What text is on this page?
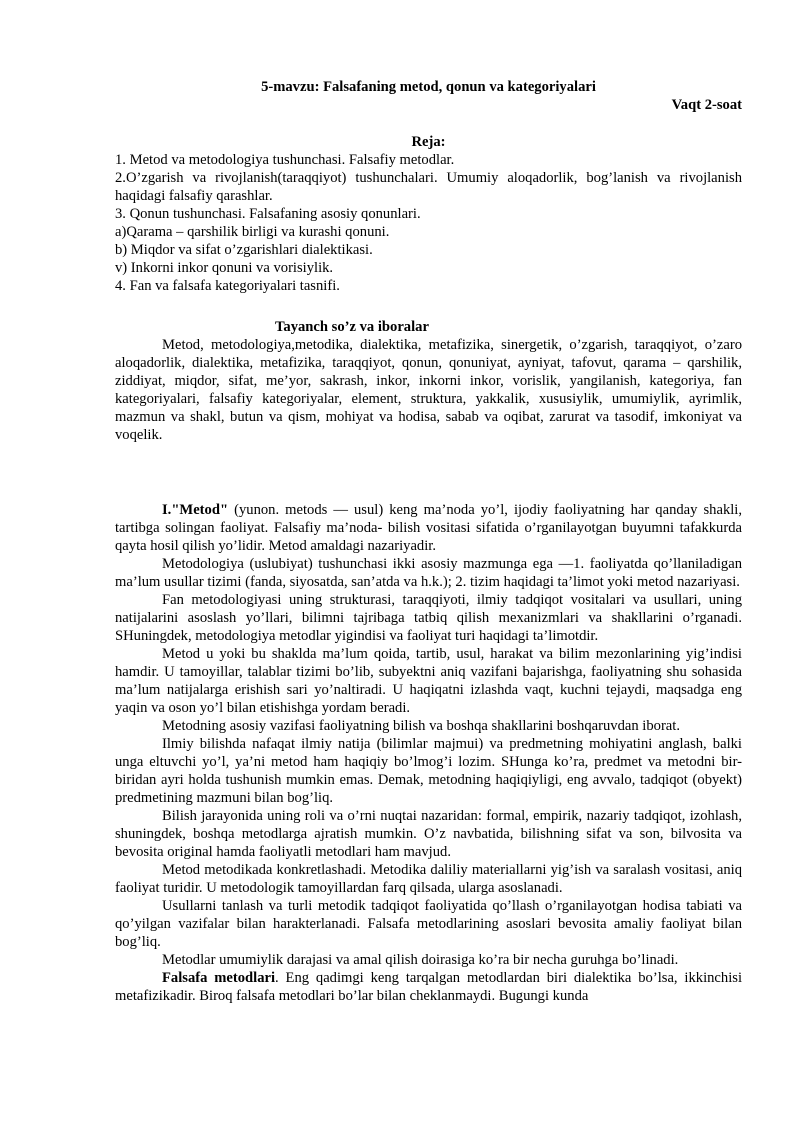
5-mavzu: Falsafaning metod, qonun va kategoriyalari
Vaqt 2-soat
Reja:

1. Metod va metodologiya tushunchasi. Falsafiy metodlar.

2.O’zgarish va rivojlanish(taraqqiyot) tushunchalari. Umumiy aloqadorlik, bog’lanish va rivojlanish haqidagi falsafiy qarashlar.

3. Qonun tushunchasi. Falsafaning asosiy qonunlari.

a)Qarama – qarshilik birligi va kurashi qonuni.

b) Miqdor va sifat o’zgarishlari dialektikasi.

v) Inkorni inkor qonuni va vorisiylik.

4. Fan va falsafa kategoriyalari tasnifi.

Tayanch so’z va iboralar

Metod, metodologiya,metodika, dialektika, metafizika, sinergetik, o’zgarish, taraqqiyot, o’zaro aloqadorlik, dialektika, metafizika, taraqqiyot, qonun, qonuniyat, ayniyat, tafovut, qarama – qarshilik, ziddiyat, miqdor, sifat, me’yor, sakrash, inkor, inkorni inkor, vorislik, yangilanish, kategoriya, fan kategoriyalari, falsafiy kategoriyalar, element, struktura, yakkalik, xususiylik, umumiylik, ayrimlik, mazmun va shakl, butun va qism, mohiyat va hodisa, sabab va oqibat, zarurat va tasodif, imkoniyat va voqelik.

I."Metod" (yunon. metods — usul) keng ma’noda yo’l, ijodiy faoliyatning har qanday shakli, tartibga solingan faoliyat. Falsafiy ma’noda- bilish vositasi sifatida o’rganilayotgan buyumni tafakkurda qayta hosil qilish yo’lidir. Metod amaldagi nazariyadir.

Metodologiya (uslubiyat) tushunchasi ikki asosiy mazmunga ega —1. faoliyatda qo’llaniladigan ma’lum usullar tizimi (fanda, siyosatda, san’atda va h.k.); 2. tizim haqidagi ta’limot yoki metod nazariyasi.

Fan metodologiyasi uning strukturasi, taraqqiyoti, ilmiy tadqiqot vositalari va usullari, uning natijalarini asoslash yo’llari, bilimni tajribaga tatbiq qilish mexanizmlari va shakllarini o’rganadi. SHuningdek, metodologiya metodlar yigindisi va faoliyat turi haqidagi ta’limotdir.

Metod u yoki bu shaklda ma’lum qoida, tartib, usul, harakat va bilim mezonlarining yig’indisi hamdir. U tamoyillar, talablar tizimi bo’lib, subyektni aniq vazifani bajarishga, faoliyatning shu sohasida ma’lum natijalarga erishish sari yo’naltiradi. U haqiqatni izlashda vaqt, kuchni tejaydi, maqsadga eng yaqin va oson yo’l bilan etishishga yordam beradi.

Metodning asosiy vazifasi faoliyatning bilish va boshqa shakllarini boshqaruvdan iborat.

Ilmiy bilishda nafaqat ilmiy natija (bilimlar majmui) va predmetning mohiyatini anglash, balki unga eltuvchi yo’l, ya’ni metod ham haqiqiy bo’lmog’i lozim. SHunga ko’ra, predmet va metodni bir-biridan ayri holda tushunish mumkin emas. Demak, metodning haqiqiyligi, eng avvalo, tadqiqot (obyekt) predmetining mazmuni bilan bog’liq.

Bilish jarayonida uning roli va o’rni nuqtai nazaridan: formal, empirik, nazariy tadqiqot, izohlash, shuningdek, boshqa metodlarga ajratish mumkin. O’z navbatida, bilishning sifat va son, bilvosita va bevosita original hamda faoliyatli metodlari ham mavjud.

Metod metodikada konkretlashadi. Metodika daliliy materiallarni yig’ish va saralash vositasi, aniq faoliyat turidir. U metodologik tamoyillardan farq qilsada, ularga asoslanadi.

Usullarni tanlash va turli metodik tadqiqot faoliyatida qo’llash o’rganilayotgan hodisa tabiati va qo’yilgan vazifalar bilan harakterlanadi. Falsafa metodlarining asoslari bevosita amaliy faoliyat bilan bog’liq.

Metodlar umumiylik darajasi va amal qilish doirasiga ko’ra bir necha guruhga bo’linadi.

Falsafa metodlari. Eng qadimgi keng tarqalgan metodlardan biri dialektika bo’lsa, ikkinchisi metafizikadir. Biroq falsafa metodlari bo’lar bilan cheklanmaydi. Bugungi kunda
